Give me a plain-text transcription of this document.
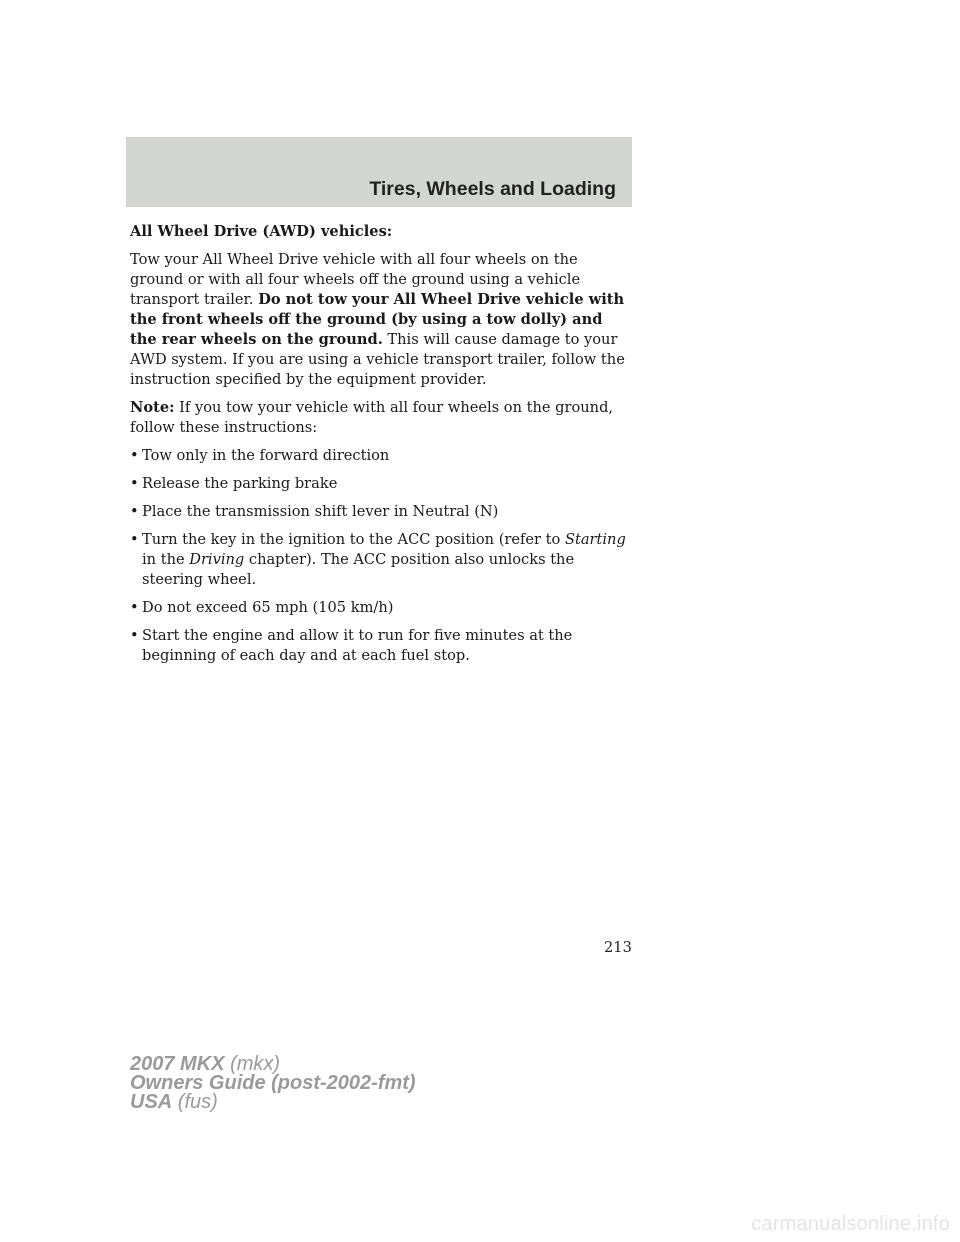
Tires, Wheels and Loading

All Wheel Drive (AWD) vehicles:

Tow your All Wheel Drive vehicle with all four wheels on the ground or with all four wheels off the ground using a vehicle transport trailer. Do not tow your All Wheel Drive vehicle with the front wheels off the ground (by using a tow dolly) and the rear wheels on the ground. This will cause damage to your AWD system. If you are using a vehicle transport trailer, follow the instruction specified by the equipment provider.

Note: If you tow your vehicle with all four wheels on the ground, follow these instructions:

• Tow only in the forward direction
• Release the parking brake
• Place the transmission shift lever in Neutral (N)
• Turn the key in the ignition to the ACC position (refer to Starting in the Driving chapter). The ACC position also unlocks the steering wheel.
• Do not exceed 65 mph (105 km/h)
• Start the engine and allow it to run for five minutes at the beginning of each day and at each fuel stop.
213
2007 MKX (mkx)
Owners Guide (post-2002-fmt)
USA (fus)
carmanualsonline.info
